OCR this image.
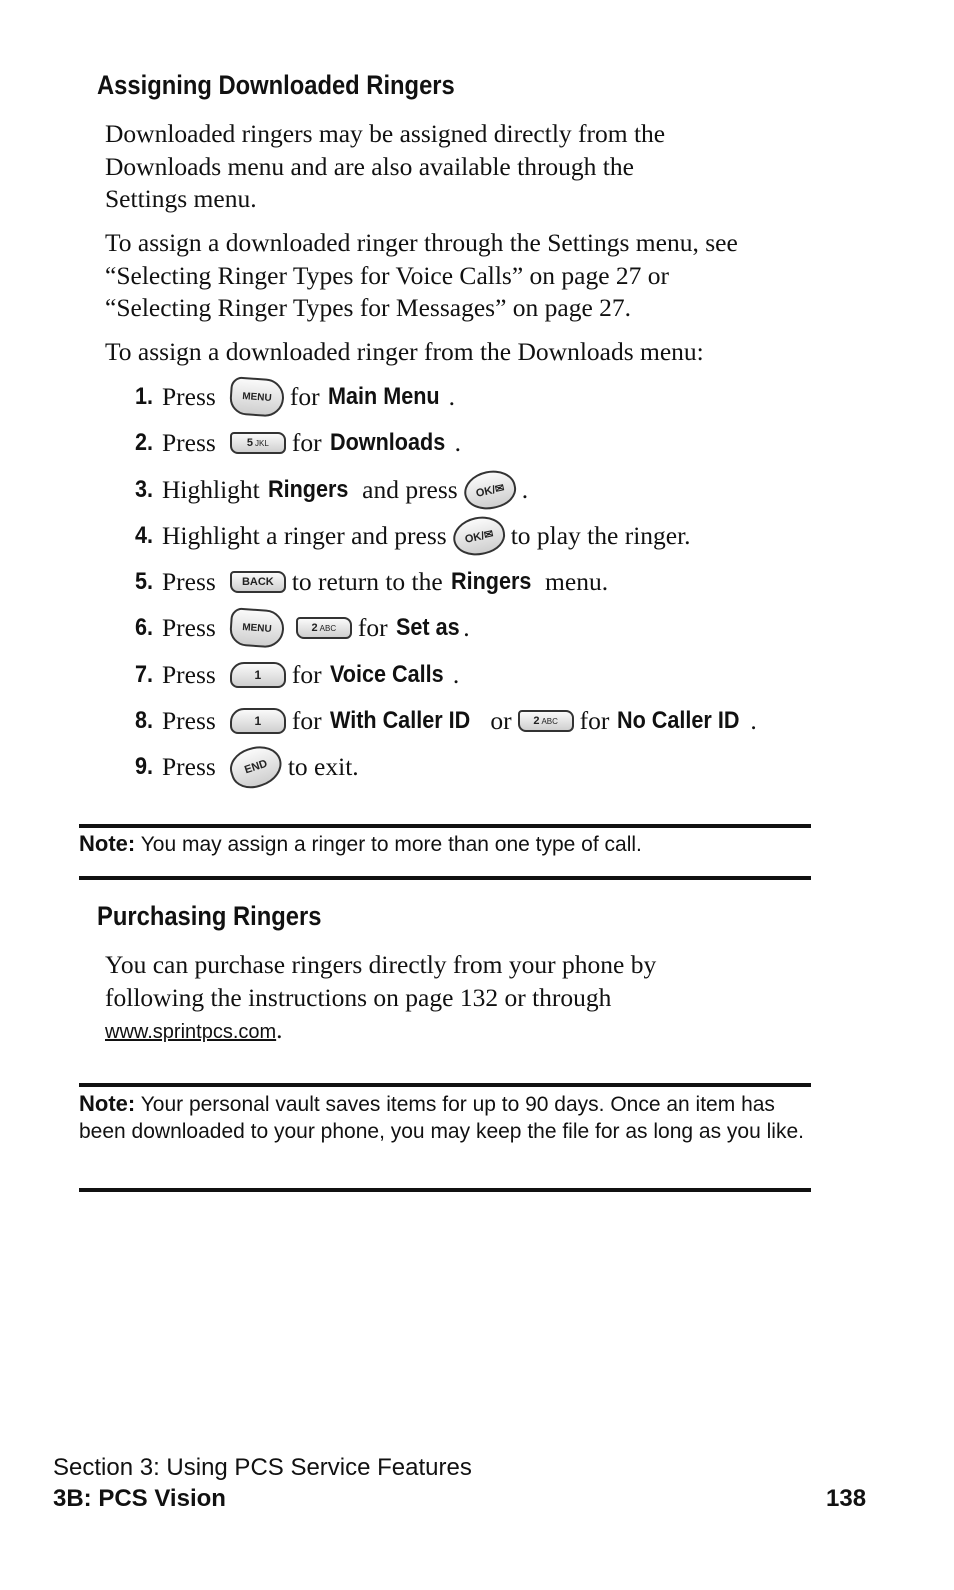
Assigning Downloaded Ringers

Downloaded ringers may be assigned directly from the
Downloads menu and are also available through the
Settings menu.

To assign a downloaded ringer through the Settings menu, see
“Selecting Ringer Types for Voice Calls” on page 27 or
“Selecting Ringer Types for Messages” on page 27.

To assign a downloaded ringer from the Downloads menu:

1. Press	MENU for Main Menu .
2. Press	5 JKL for Downloads .
3. Highlight Ringers and press OK/✉ .
4. Highlight a ringer and press OK/✉ to play the ringer.
5. Press BACK to return to the Ringers menu.
6. Press	MENU	2 ABC for Set as .
7. Press	1 for Voice Calls .
8. Press	1 for With Caller ID or 2 ABC for No Caller ID .
9. Press END to exit.

Note: You may assign a ringer to more than one type of call.

Purchasing Ringers

You can purchase ringers directly from your phone by
following the instructions on page 132 or through
www.sprintpcs.com.

Note: Your personal vault saves items for up to 90 days. Once an item has been downloaded to your phone, you may keep the file for as long as you like.

Section 3: Using PCS Service Features
3B: PCS Vision	138
